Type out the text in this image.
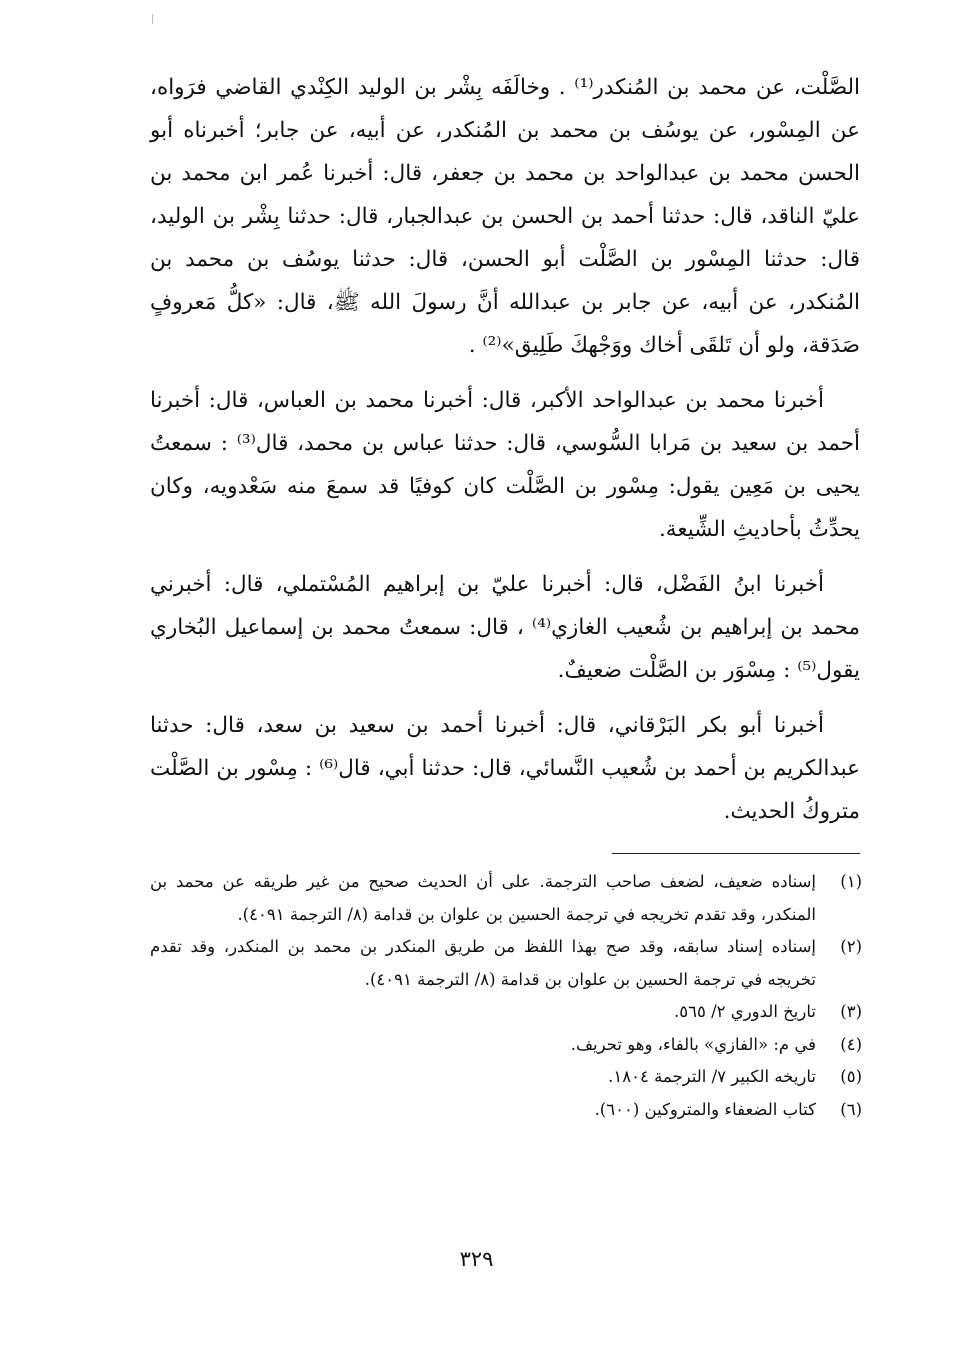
الصَّلْت، عن محمد بن المُنكدر⁽¹⁾ . وخالَفَه بِشْر بن الوليد الكِنْدي القاضي فرَواه، عن المِسْور، عن يوسُف بن محمد بن المُنكدر، عن أبيه، عن جابر؛ أخبرناه أبو الحسن محمد بن عبدالواحد بن محمد بن جعفر، قال: أخبرنا عُمر ابن محمد بن عليّ الناقد، قال: حدثنا أحمد بن الحسن بن عبدالجبار، قال: حدثنا بِشْر بن الوليد، قال: حدثنا المِسْور بن الصَّلْت أبو الحسن، قال: حدثنا يوسُف بن محمد بن المُنكدر، عن أبيه، عن جابر بن عبدالله أنَّ رسولَ الله ﷺ، قال: «كلُّ مَعروفٍ صَدَقة، ولو أن تَلقَى أخاك ووَجْهكَ طَلِيق»⁽²⁾ .

أخبرنا محمد بن عبدالواحد الأكبر، قال: أخبرنا محمد بن العباس، قال: أخبرنا أحمد بن سعيد بن مَرابا السُّوسي، قال: حدثنا عباس بن محمد، قال⁽³⁾ : سمعتُ يحيى بن مَعِين يقول: مِسْور بن الصَّلْت كان كوفيًا قد سمعَ منه سَعْدويه، وكان يحدِّثُ بأحاديثِ الشِّيعة.

أخبرنا ابنُ الفَضْل، قال: أخبرنا عليّ بن إبراهيم المُسْتملي، قال: أخبرني محمد بن إبراهيم بن شُعيب الغازي⁽⁴⁾ ، قال: سمعتُ محمد بن إسماعيل البُخاري يقول⁽⁵⁾ : مِسْوَر بن الصَّلْت ضعيفٌ.

أخبرنا أبو بكر البَرْقاني، قال: أخبرنا أحمد بن سعيد بن سعد، قال: حدثنا عبدالكريم بن أحمد بن شُعيب النَّسائي، قال: حدثنا أبي، قال⁽⁶⁾ : مِسْور بن الصَّلْت متروكُ الحديث.

(١)
إسناده ضعيف، لضعف صاحب الترجمة. على أن الحديث صحيح من غير طريقه عن محمد بن المنكدر، وقد تقدم تخريجه في ترجمة الحسين بن علوان بن قدامة (٨/ الترجمة ٤٠٩١).

(٢)
إسناده إسناد سابقه، وقد صح بهذا اللفظ من طريق المنكدر بن محمد بن المنكدر، وقد تقدم تخريجه في ترجمة الحسين بن علوان بن قدامة (٨/ الترجمة ٤٠٩١).

(٣)
تاريخ الدوري ٢/ ٥٦٥.

(٤)
في م: «الفازي» بالفاء، وهو تحريف.

(٥)
تاريخه الكبير ٧/ الترجمة ١٨٠٤.

(٦)
كتاب الضعفاء والمتروكين (٦٠٠).

٣٢٩
